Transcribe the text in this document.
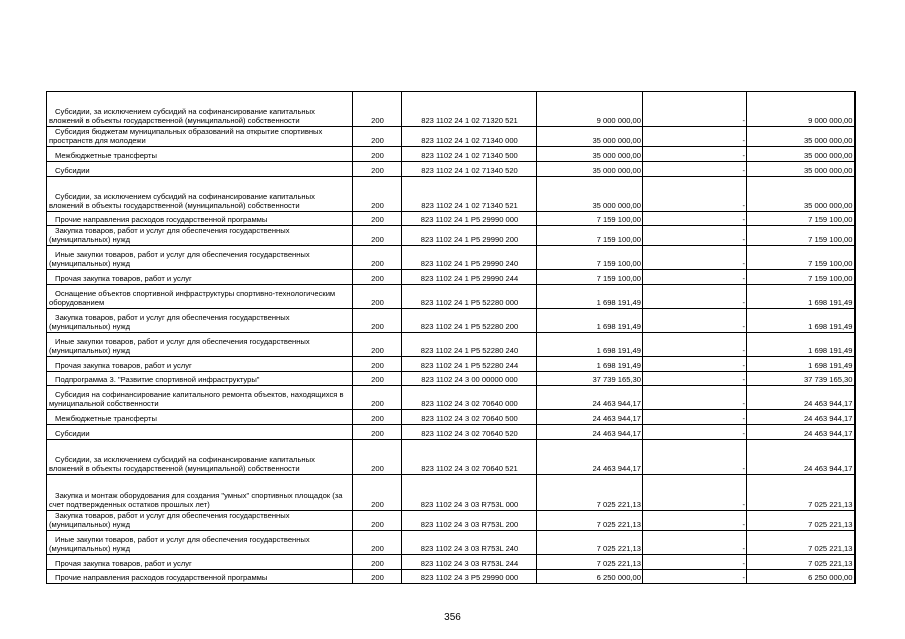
Субсидии, за исключением субсидий на софинансирование капитальных вложений в объекты государственной (муниципальной) собственности	200	823 1102 24 1 02 71320 521	9 000 000,00	-	9 000 000,00
Субсидия бюджетам муниципальных образований на открытие спортивных пространств для молодежи	200	823 1102 24 1 02 71340 000	35 000 000,00	-	35 000 000,00
Межбюджетные трансферты	200	823 1102 24 1 02 71340 500	35 000 000,00	-	35 000 000,00
Субсидии	200	823 1102 24 1 02 71340 520	35 000 000,00	-	35 000 000,00
Субсидии, за исключением субсидий на софинансирование капитальных вложений в объекты государственной (муниципальной) собственности	200	823 1102 24 1 02 71340 521	35 000 000,00	-	35 000 000,00
Прочие направления расходов государственной программы	200	823 1102 24 1 P5 29990 000	7 159 100,00	-	7 159 100,00
Закупка товаров, работ и услуг для обеспечения государственных (муниципальных) нужд	200	823 1102 24 1 P5 29990 200	7 159 100,00	-	7 159 100,00
Иные закупки товаров, работ и услуг для обеспечения государственных (муниципальных) нужд	200	823 1102 24 1 P5 29990 240	7 159 100,00	-	7 159 100,00
Прочая закупка товаров, работ и услуг	200	823 1102 24 1 P5 29990 244	7 159 100,00	-	7 159 100,00
Оснащение объектов спортивной инфраструктуры спортивно-технологическим оборудованием	200	823 1102 24 1 P5 52280 000	1 698 191,49	-	1 698 191,49
Закупка товаров, работ и услуг для обеспечения государственных (муниципальных) нужд	200	823 1102 24 1 P5 52280 200	1 698 191,49	-	1 698 191,49
Иные закупки товаров, работ и услуг для обеспечения государственных (муниципальных) нужд	200	823 1102 24 1 P5 52280 240	1 698 191,49	-	1 698 191,49
Прочая закупка товаров, работ и услуг	200	823 1102 24 1 P5 52280 244	1 698 191,49	-	1 698 191,49
Подпрограмма 3. "Развитие спортивной инфраструктуры"	200	823 1102 24 3 00 00000 000	37 739 165,30	-	37 739 165,30
Субсидия на софинансирование капитального ремонта объектов, находящихся в муниципальной собственности	200	823 1102 24 3 02 70640 000	24 463 944,17	-	24 463 944,17
Межбюджетные трансферты	200	823 1102 24 3 02 70640 500	24 463 944,17	-	24 463 944,17
Субсидии	200	823 1102 24 3 02 70640 520	24 463 944,17	-	24 463 944,17
Субсидии, за исключением субсидий на софинансирование капитальных вложений в объекты государственной (муниципальной) собственности	200	823 1102 24 3 02 70640 521	24 463 944,17	-	24 463 944,17
Закупка и монтаж оборудования для создания "умных" спортивных площадок (за счет подтвержденных остатков прошлых лет)	200	823 1102 24 3 03 R753L 000	7 025 221,13	-	7 025 221,13
Закупка товаров, работ и услуг для обеспечения государственных (муниципальных) нужд	200	823 1102 24 3 03 R753L 200	7 025 221,13	-	7 025 221,13
Иные закупки товаров, работ и услуг для обеспечения государственных (муниципальных) нужд	200	823 1102 24 3 03 R753L 240	7 025 221,13	-	7 025 221,13
Прочая закупка товаров, работ и услуг	200	823 1102 24 3 03 R753L 244	7 025 221,13	-	7 025 221,13
Прочие направления расходов государственной программы	200	823 1102 24 3 P5 29990 000	6 250 000,00	-	6 250 000,00
356
